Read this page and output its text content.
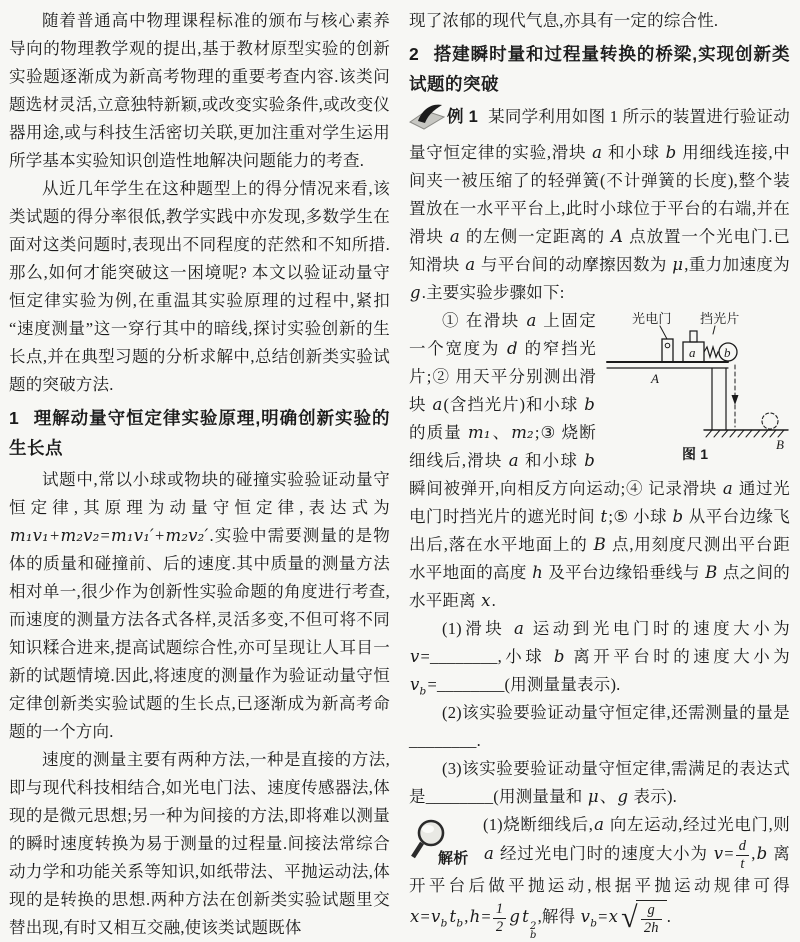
随着普通高中物理课程标准的颁布与核心素养导向的物理教学观的提出,基于教材原型实验的创新实验题逐渐成为新高考物理的重要考查内容.该类问题选材灵活,立意独特新颖,或改变实验条件,或改变仪器用途,或与科技生活密切关联,更加注重对学生运用所学基本实验知识创造性地解决问题能力的考查.

从近几年学生在这种题型上的得分情况来看,该类试题的得分率很低,教学实践中亦发现,多数学生在面对这类问题时,表现出不同程度的茫然和不知所措.那么,如何才能突破这一困境呢? 本文以验证动量守恒定律实验为例,在重温其实验原理的过程中,紧扣“速度测量”这一穿行其中的暗线,探讨实验创新的生长点,并在典型习题的分析求解中,总结创新类实验试题的突破方法.

1 理解动量守恒定律实验原理,明确创新实验的生长点

试题中,常以小球或物块的碰撞实验验证动量守恒定律,其原理为动量守恒定律,表达式为 m₁v₁+m₂v₂=m₁v₁′+m₂v₂′.实验中需要测量的是物体的质量和碰撞前、后的速度.其中质量的测量方法相对单一,很少作为创新性实验命题的角度进行考查,而速度的测量方法各式各样,灵活多变,不但可将不同知识糅合进来,提高试题综合性,亦可呈现让人耳目一新的试题情境.因此,将速度的测量作为验证动量守恒定律创新类实验试题的生长点,已逐渐成为新高考命题的一个方向.

速度的测量主要有两种方法,一种是直接的方法,即与现代科技相结合,如光电门法、速度传感器法,体现的是微元思想;另一种为间接的方法,即将难以测量的瞬时速度转换为易于测量的过程量.间接法常综合动力学和功能关系等知识,如纸带法、平抛运动法,体现的是转换的思想.两种方法在创新类实验试题里交替出现,有时又相互交融,使该类试题既体

现了浓郁的现代气息,亦具有一定的综合性.

2 搭建瞬时量和过程量转换的桥梁,实现创新类试题的突破

例 1 某同学利用如图 1 所示的装置进行验证动量守恒定律的实验,滑块 a 和小球 b 用细线连接,中间夹一被压缩了的轻弹簧(不计弹簧的长度),整个装置放在一水平平台上,此时小球位于平台的右端,并在滑块 a 的左侧一定距离的 A 点放置一个光电门.已知滑块 a 与平台间的动摩擦因数为 μ,重力加速度为 g.主要实验步骤如下:

光电门 挡光片
a b
A
B
图 1
① 在滑块 a 上固定一个宽度为 d 的窄挡光片;② 用天平分别测出滑块 a(含挡光片)和小球 b 的质量 m₁、m₂;③ 烧断细线后,滑块 a 和小球 b 瞬间被弹开,向相反方向运动;④ 记录滑块 a 通过光电门时挡光片的遮光时间 t;⑤ 小球 b 从平台边缘飞出后,落在水平地面上的 B 点,用刻度尺测出平台距水平地面的高度 h 及平台边缘铅垂线与 B 点之间的水平距离 x.

(1)滑块 a 运动到光电门时的速度大小为 v=________,小球 b 离开平台时的速度大小为 $v_b=\_\_\_\_\_\_\_\_$(用测量量表示).

(2)该实验要验证动量守恒定律,还需测量的量是________.

(3)该实验要验证动量守恒定律,需满足的表达式是________(用测量量和 μ、g 表示).

解析
(1)烧断细线后,a 向左运动,经过光电门,则 a 经过光电门时的速度大小为 $v= \frac{d}{t} ,b$ 离开平台后做平抛运动,根据平抛运动规律可得 $x=v_b$ $t_b,h= \frac{1}{2}$ g t
2
b
,解得 $v_b=x$ √ $\frac{g}{2h}$ .
